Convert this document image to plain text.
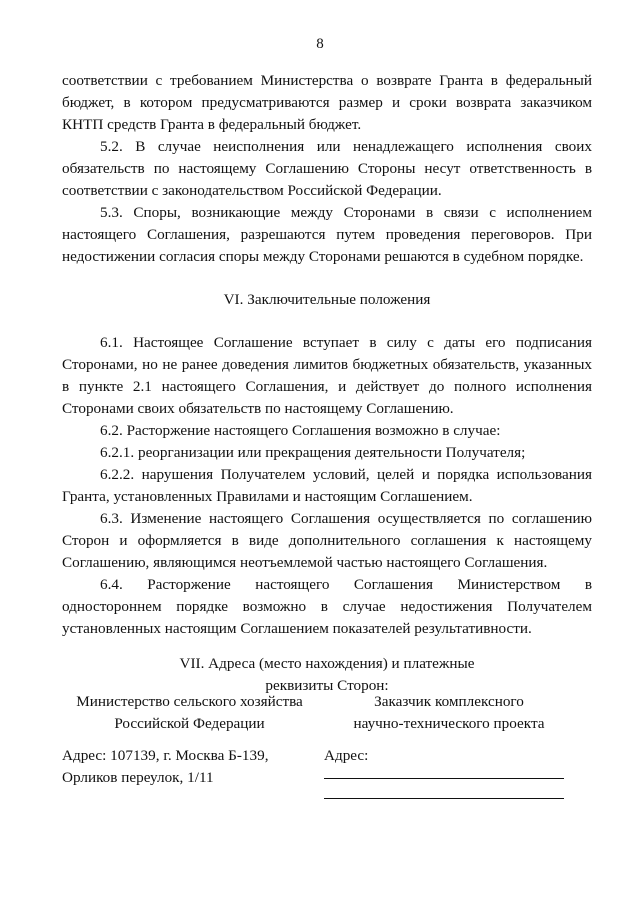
8

соответствии с требованием Министерства о возврате Гранта в федеральный бюджет, в котором предусматриваются размер и сроки возврата заказчиком КНТП средств Гранта в федеральный бюджет.

5.2. В случае неисполнения или ненадлежащего исполнения своих обязательств по настоящему Соглашению Стороны несут ответственность в соответствии с законодательством Российской Федерации.

5.3. Споры, возникающие между Сторонами в связи с исполнением настоящего Соглашения, разрешаются путем проведения переговоров. При недостижении согласия споры между Сторонами решаются в судебном порядке.

VI. Заключительные положения

6.1. Настоящее Соглашение вступает в силу с даты его подписания Сторонами, но не ранее доведения лимитов бюджетных обязательств, указанных в пункте 2.1 настоящего Соглашения, и действует до полного исполнения Сторонами своих обязательств по настоящему Соглашению.

6.2. Расторжение настоящего Соглашения возможно в случае:

6.2.1. реорганизации или прекращения деятельности Получателя;

6.2.2. нарушения Получателем условий, целей и порядка использования Гранта, установленных Правилами и настоящим Соглашением.

6.3. Изменение настоящего Соглашения осуществляется по соглашению Сторон и оформляется в виде дополнительного соглашения к настоящему Соглашению, являющимся неотъемлемой частью настоящего Соглашения.

6.4. Расторжение настоящего Соглашения Министерством в одностороннем порядке возможно в случае недостижения Получателем установленных настоящим Соглашением показателей результативности.

VII. Адреса (место нахождения) и платежные

реквизиты Сторон:

Министерство сельского хозяйства
Российской Федерации
Заказчик комплексного
научно-технического проекта
Адрес: 107139, г. Москва Б-139,
Орликов переулок, 1/11
Адрес:
